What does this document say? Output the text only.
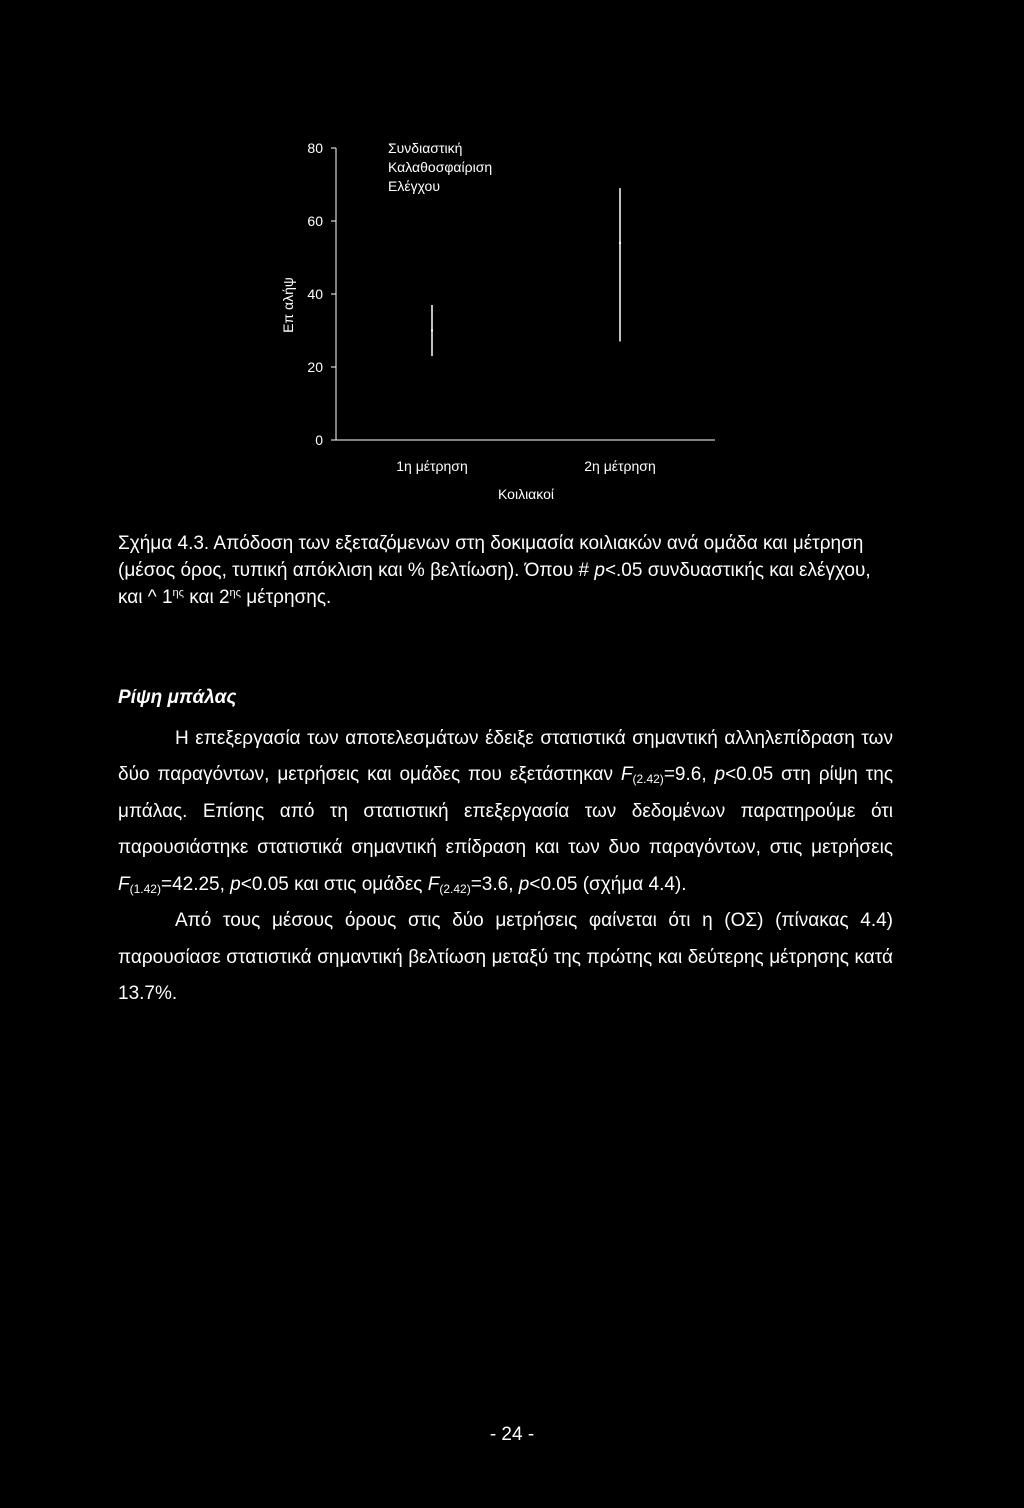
0
20
40
60
80
Επ αλήψ
Συνδιαστική
Καλαθοσφαίριση
Ελέγχου
1η μέτρηση	2η μέτρηση
Κοιλιακοί
Σχήμα 4.3. Απόδοση των εξεταζόμενων στη δοκιμασία κοιλιακών ανά ομάδα και μέτρηση (μέσος όρος, τυπική απόκλιση και % βελτίωση). Όπου # p<.05 συνδυαστικής και ελέγχου, και ^ $1^{\eta\varsigma}$ και $2^{\eta\varsigma}$ μέτρησης.

Ρίψη μπάλας

Η επεξεργασία των αποτελεσμάτων έδειξε στατιστικά σημαντική αλληλεπίδραση των δύο παραγόντων, μετρήσεις και ομάδες που εξετάστηκαν $F_{(2.42)}=9.6$, p<0.05 στη ρίψη της μπάλας. Επίσης από τη στατιστική επεξεργασία των δεδομένων παρατηρούμε ότι παρουσιάστηκε στατιστικά σημαντική επίδραση και των δυο παραγόντων, στις μετρήσεις $F_{(1.42)}=42.25$, p<0.05 και στις ομάδες $F_{(2.42)}=3.6$, p<0.05 (σχήμα 4.4).

Από τους μέσους όρους στις δύο μετρήσεις φαίνεται ότι η (ΟΣ) (πίνακας 4.4) παρουσίασε στατιστικά σημαντική βελτίωση μεταξύ της πρώτης και δεύτερης μέτρησης κατά 13.7%.

- 24 -
